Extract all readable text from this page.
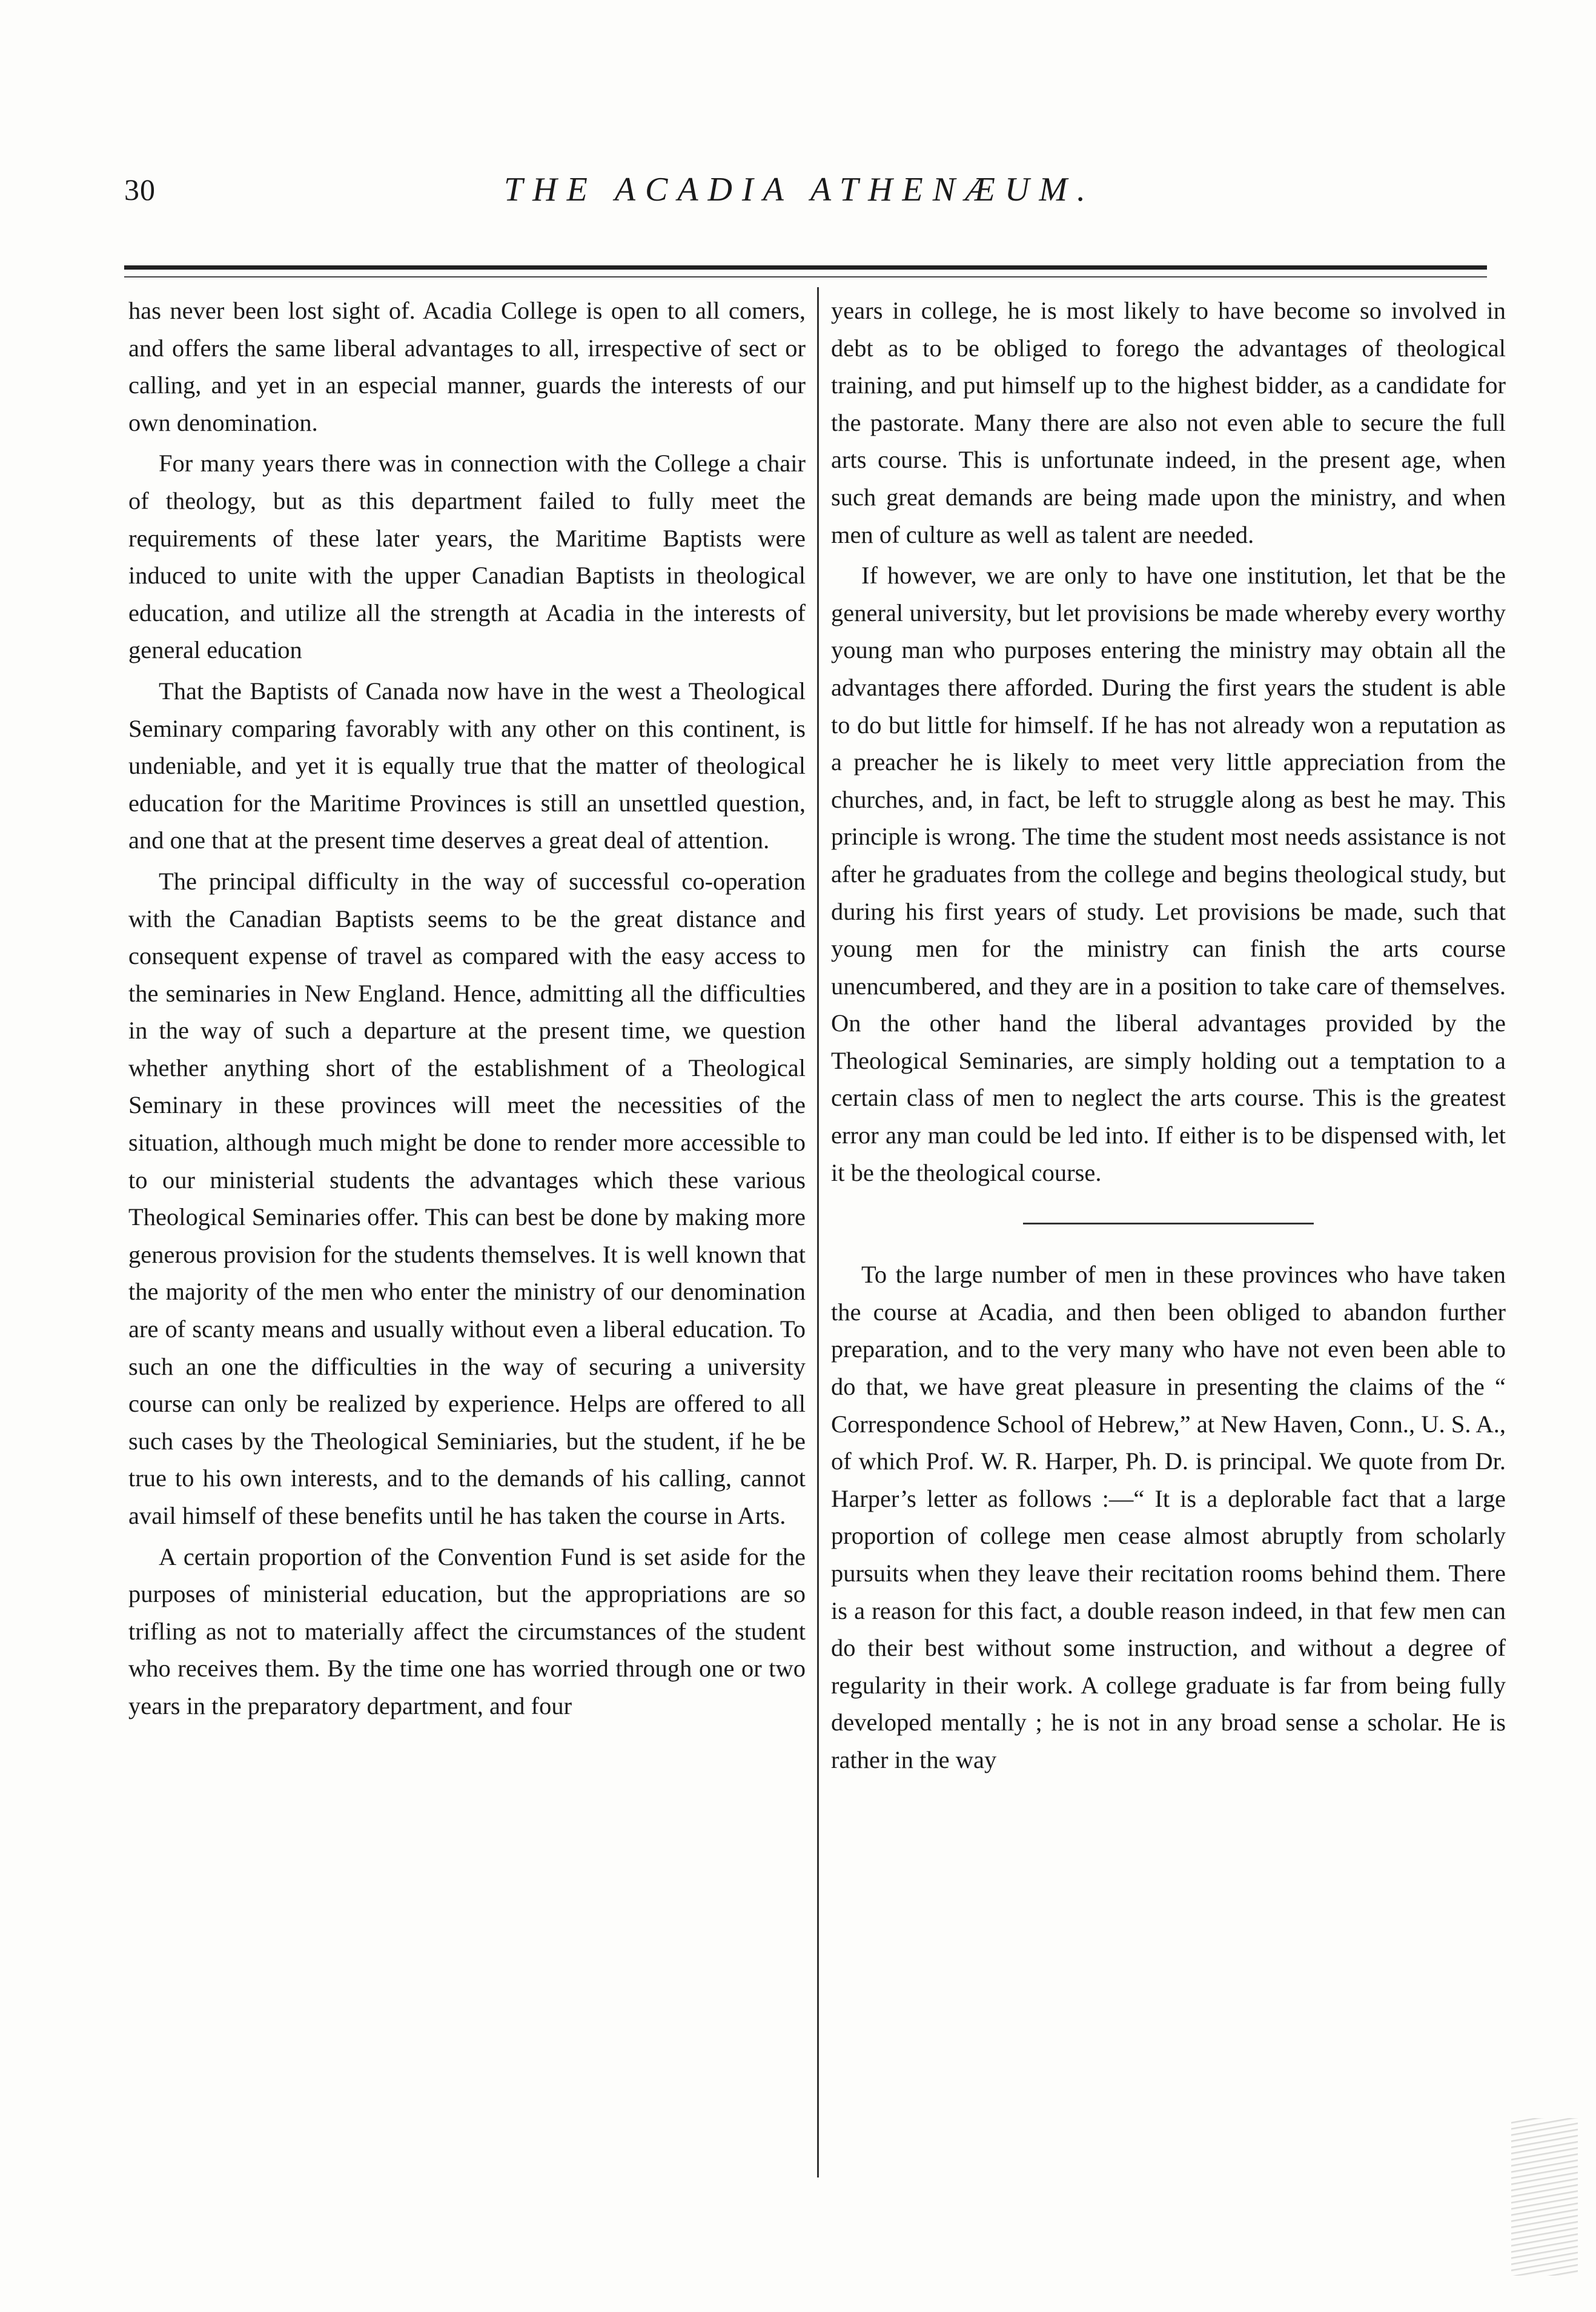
30	THE ACADIA ATHENÆUM.

has never been lost sight of. Acadia College is open to all comers, and offers the same liberal advantages to all, irrespective of sect or calling, and yet in an especial manner, guards the interests of our own denomination.

For many years there was in connection with the College a chair of theology, but as this department failed to fully meet the requirements of these later years, the Maritime Baptists were induced to unite with the upper Canadian Baptists in theological education, and utilize all the strength at Acadia in the interests of general education

That the Baptists of Canada now have in the west a Theological Seminary comparing favorably with any other on this continent, is undeniable, and yet it is equally true that the matter of theological education for the Maritime Provinces is still an unsettled question, and one that at the present time deserves a great deal of attention.

The principal difficulty in the way of successful co-operation with the Canadian Baptists seems to be the great distance and consequent expense of travel as compared with the easy access to the seminaries in New England. Hence, admitting all the difficulties in the way of such a departure at the present time, we question whether anything short of the establishment of a Theological Seminary in these provinces will meet the necessities of the situation, although much might be done to render more accessible to to our ministerial students the advantages which these various Theological Seminaries offer. This can best be done by making more generous provision for the students themselves. It is well known that the majority of the men who enter the ministry of our denomination are of scanty means and usually without even a liberal education. To such an one the difficulties in the way of securing a university course can only be realized by experience. Helps are offered to all such cases by the Theological Seminiaries, but the student, if he be true to his own interests, and to the demands of his calling, cannot avail himself of these benefits until he has taken the course in Arts.

A certain proportion of the Convention Fund is set aside for the purposes of ministerial education, but the appropriations are so trifling as not to materially affect the circumstances of the student who receives them. By the time one has worried through one or two years in the preparatory department, and four

years in college, he is most likely to have become so involved in debt as to be obliged to forego the advantages of theological training, and put himself up to the highest bidder, as a candidate for the pastorate. Many there are also not even able to secure the full arts course. This is unfortunate indeed, in the present age, when such great demands are being made upon the ministry, and when men of culture as well as talent are needed.

If however, we are only to have one institution, let that be the general university, but let provisions be made whereby every worthy young man who purposes entering the ministry may obtain all the advantages there afforded. During the first years the student is able to do but little for himself. If he has not already won a reputation as a preacher he is likely to meet very little appreciation from the churches, and, in fact, be left to struggle along as best he may. This principle is wrong. The time the student most needs assistance is not after he graduates from the college and begins theological study, but during his first years of study. Let provisions be made, such that young men for the ministry can finish the arts course unencumbered, and they are in a position to take care of themselves. On the other hand the liberal advantages provided by the Theological Seminaries, are simply holding out a temptation to a certain class of men to neglect the arts course. This is the greatest error any man could be led into. If either is to be dispensed with, let it be the theological course.

To the large number of men in these provinces who have taken the course at Acadia, and then been obliged to abandon further preparation, and to the very many who have not even been able to do that, we have great pleasure in presenting the claims of the “ Correspondence School of Hebrew,” at New Haven, Conn., U. S. A., of which Prof. W. R. Harper, Ph. D. is principal. We quote from Dr. Harper’s letter as follows :—“ It is a deplorable fact that a large proportion of college men cease almost abruptly from scholarly pursuits when they leave their recitation rooms behind them. There is a reason for this fact, a double reason indeed, in that few men can do their best without some instruction, and without a degree of regularity in their work. A college graduate is far from being fully developed mentally ; he is not in any broad sense a scholar. He is rather in the way
